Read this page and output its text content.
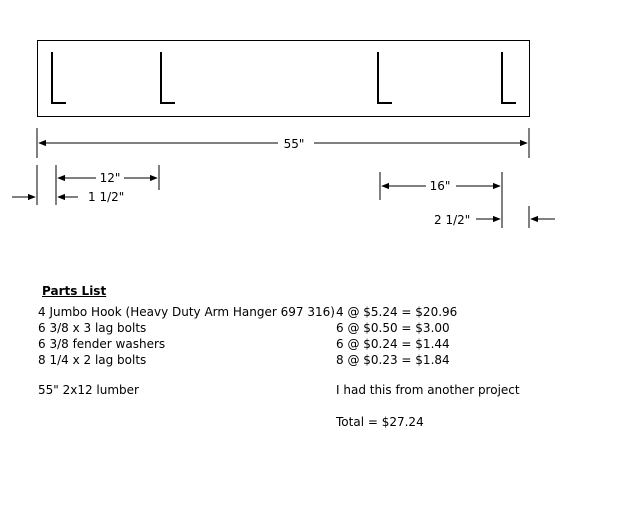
55"
12"
1 1/2"
16"
2 1/2"
Parts List
4 Jumbo Hook (Heavy Duty Arm Hanger 697 316)
6 3/8 x 3 lag bolts
6 3/8 fender washers
8 1/4 x 2 lag bolts
55" 2x12 lumber
4 @ $5.24 = $20.96
6 @ $0.50 = $3.00
6 @ $0.24 = $1.44
8 @ $0.23 = $1.84
I had this from another project
Total = $27.24
